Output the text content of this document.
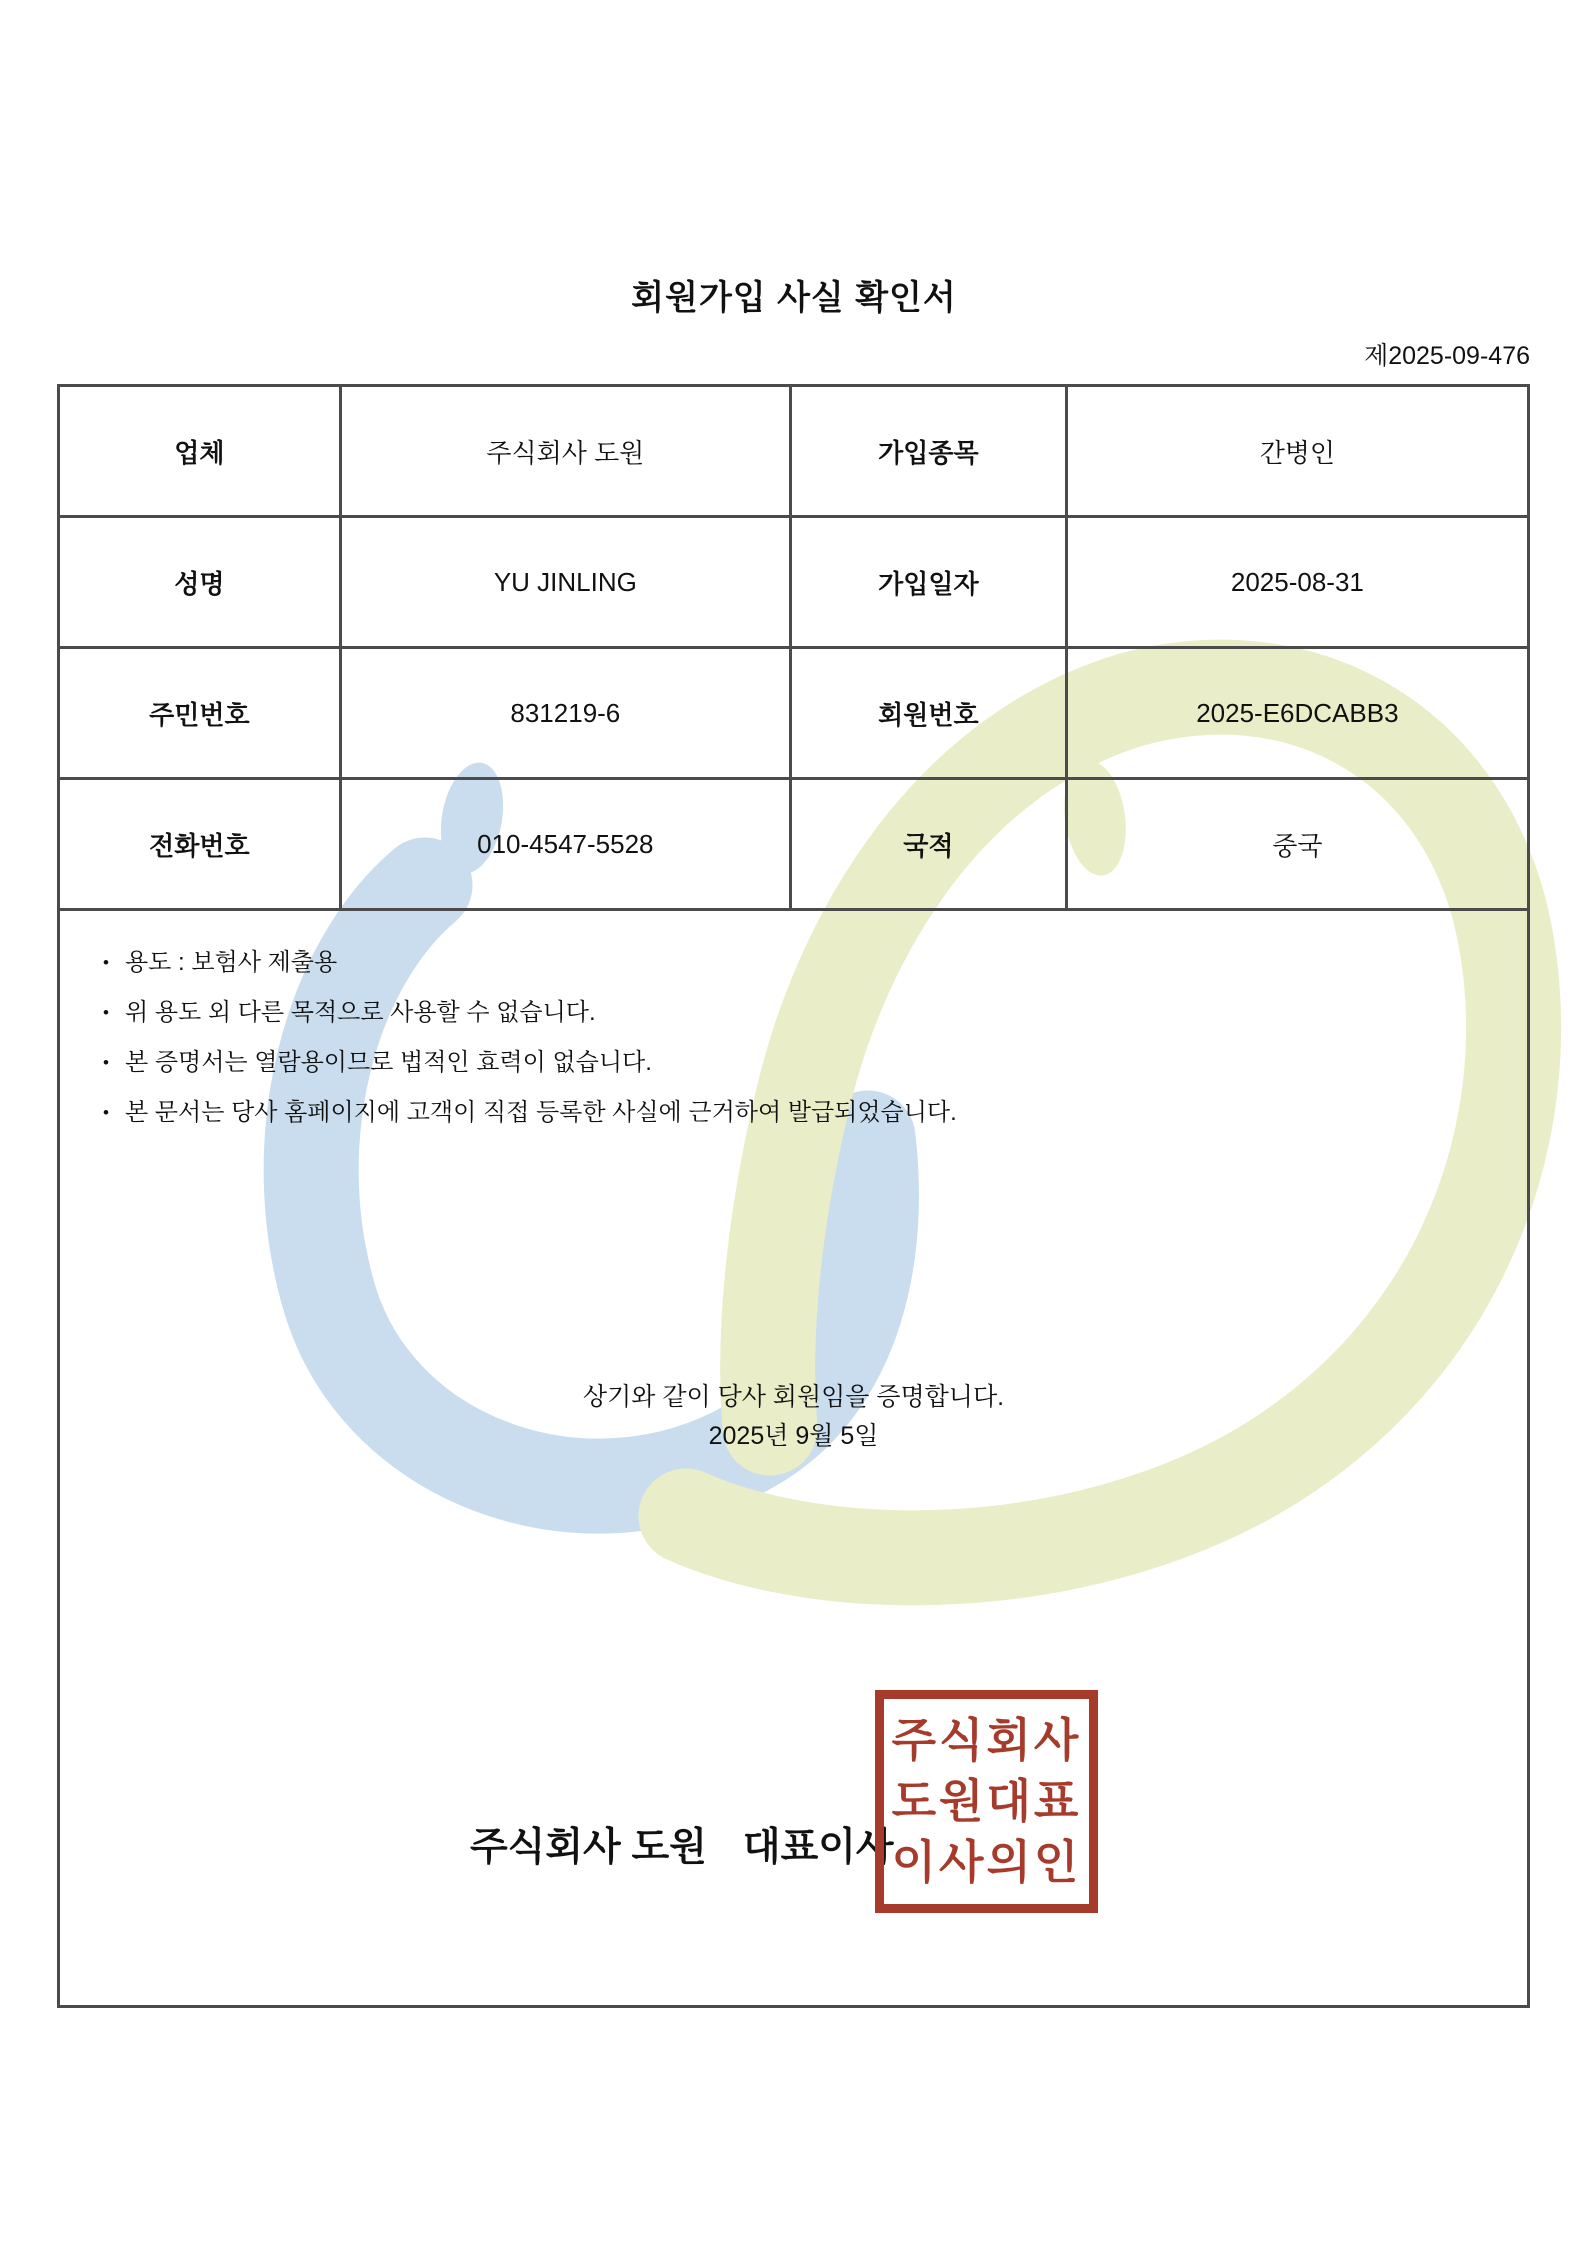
회원가입 사실 확인서
제2025-09-476
업체	주식회사 도원	가입종목	간병인
성명	YU JINLING	가입일자	2025-08-31
주민번호	831219-6	회원번호	2025-E6DCABB3
전화번호	010-4547-5528	국적	중국
• 용도 : 보험사 제출용
• 위 용도 외 다른 목적으로 사용할 수 없습니다.
• 본 증명서는 열람용이므로 법적인 효력이 없습니다.
• 본 문서는 당사 홈페이지에 고객이 직접 등록한 사실에 근거하여 발급되었습니다.
상기와 같이 당사 회원임을 증명합니다.
2025년 9월 5일
주식회사 도원 대표이사
주식회사
도원대표
이사의인
